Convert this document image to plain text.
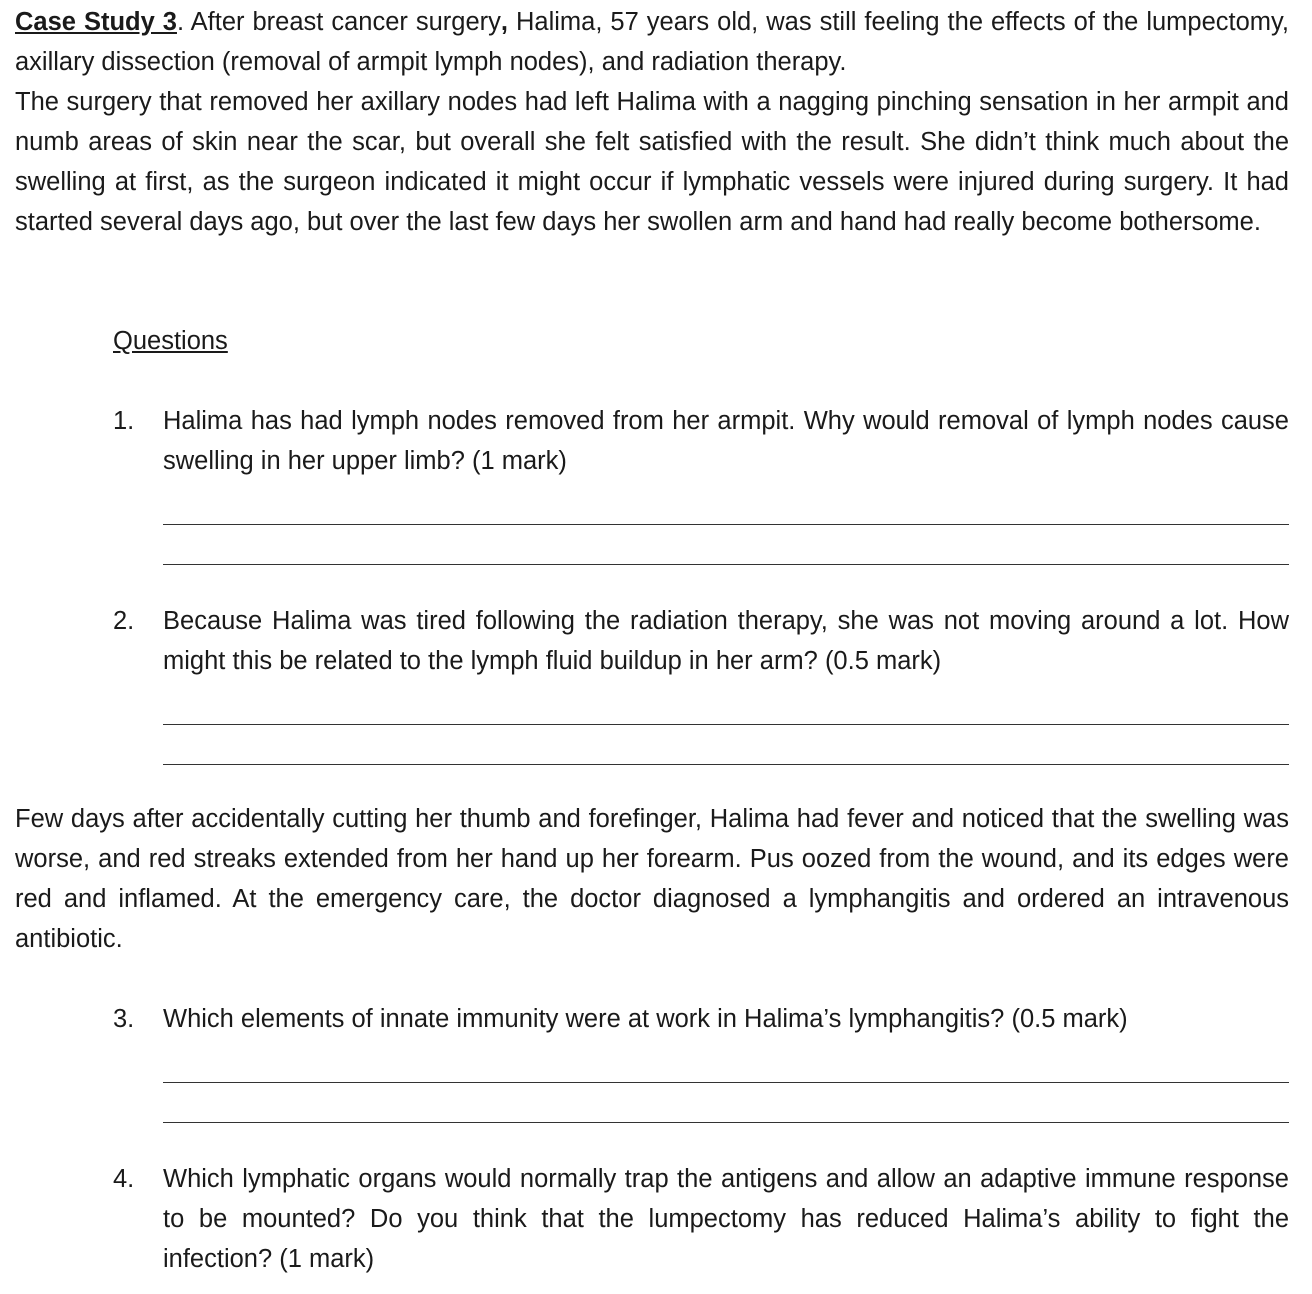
Case Study 3. After breast cancer surgery, Halima, 57 years old, was still feeling the effects of the lumpectomy, axillary dissection (removal of armpit lymph nodes), and radiation therapy.

The surgery that removed her axillary nodes had left Halima with a nagging pinching sensation in her armpit and numb areas of skin near the scar, but overall she felt satisfied with the result. She didn’t think much about the swelling at first, as the surgeon indicated it might occur if lymphatic vessels were injured during surgery. It had started several days ago, but over the last few days her swollen arm and hand had really become bothersome.

Questions
1. Halima has had lymph nodes removed from her armpit. Why would removal of lymph nodes cause swelling in her upper limb? (1 mark)

2. Because Halima was tired following the radiation therapy, she was not moving around a lot. How might this be related to the lymph fluid buildup in her arm? (0.5 mark)

Few days after accidentally cutting her thumb and forefinger, Halima had fever and noticed that the swelling was worse, and red streaks extended from her hand up her forearm. Pus oozed from the wound, and its edges were red and inflamed. At the emergency care, the doctor diagnosed a lymphangitis and ordered an intravenous antibiotic.

3. Which elements of innate immunity were at work in Halima’s lymphangitis? (0.5 mark)

4. Which lymphatic organs would normally trap the antigens and allow an adaptive immune response to be mounted? Do you think that the lumpectomy has reduced Halima’s ability to fight the infection? (1 mark)
